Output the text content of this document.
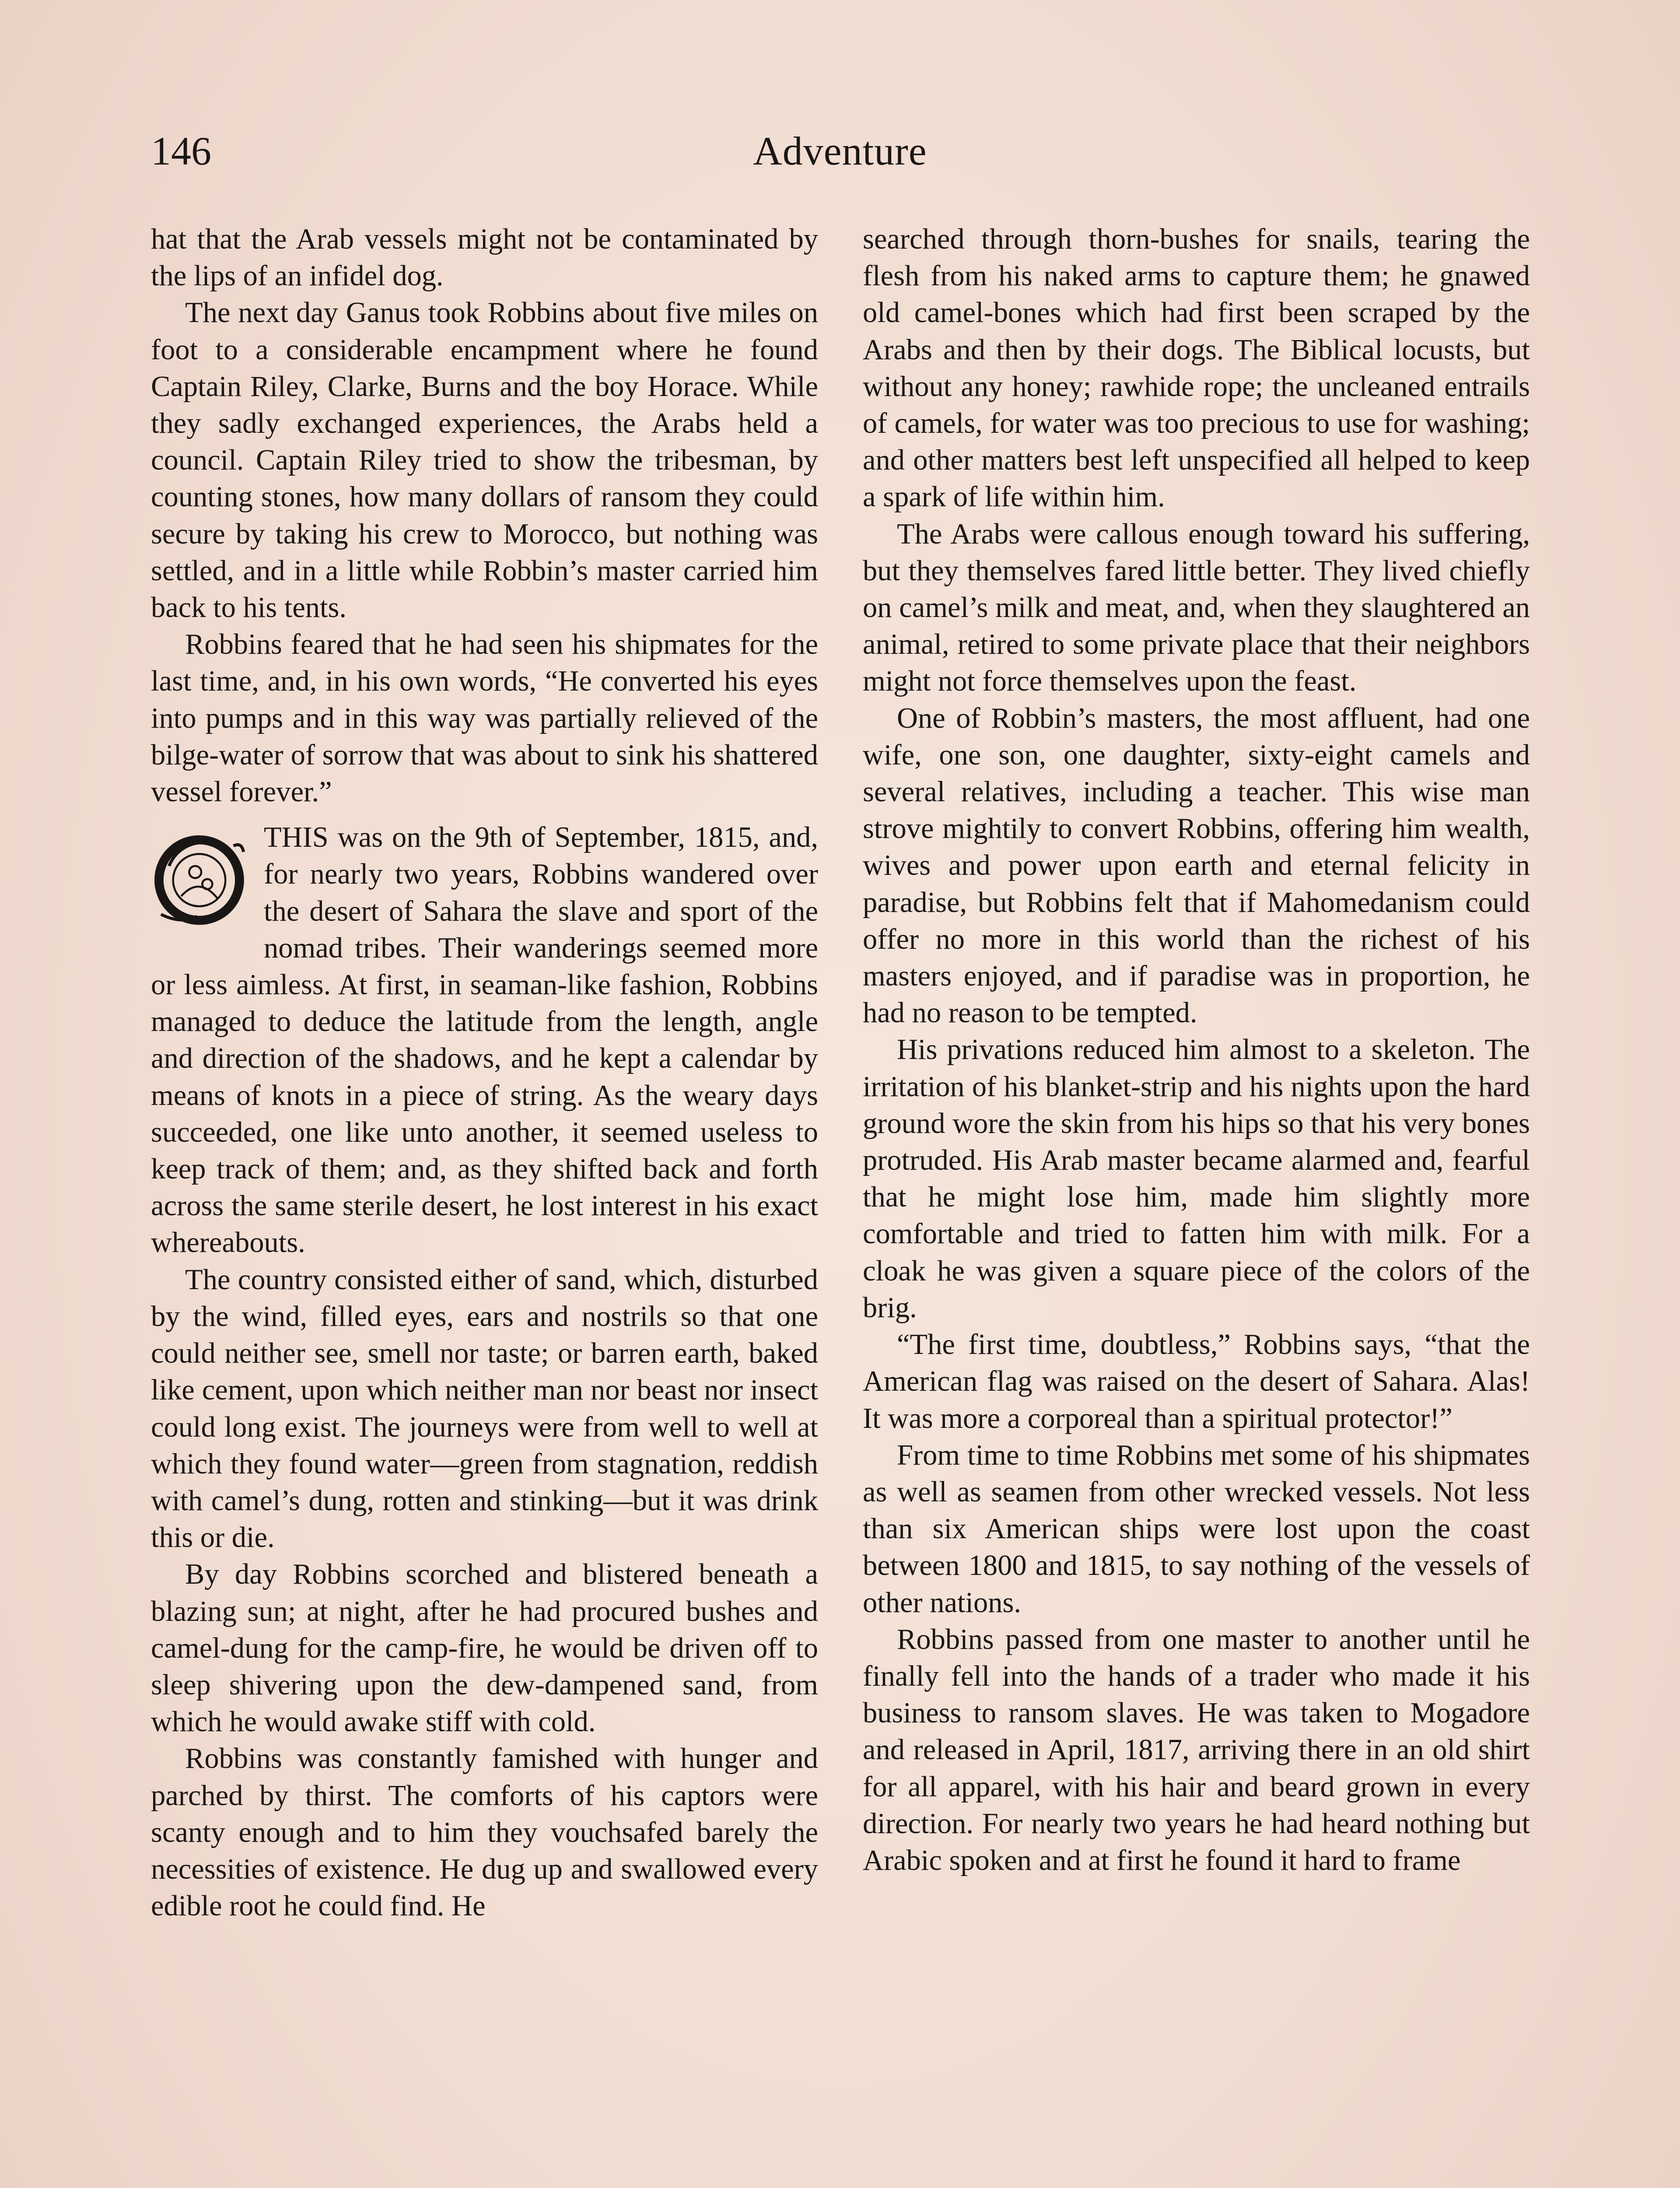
146	Adventure

hat that the Arab vessels might not be contaminated by the lips of an infidel dog.

The next day Ganus took Robbins about five miles on foot to a considerable encampment where he found Captain Riley, Clarke, Burns and the boy Horace. While they sadly exchanged experiences, the Arabs held a council. Captain Riley tried to show the tribesman, by counting stones, how many dollars of ransom they could secure by taking his crew to Morocco, but nothing was settled, and in a little while Robbin’s master carried him back to his tents.

Robbins feared that he had seen his shipmates for the last time, and, in his own words, “He converted his eyes into pumps and in this way was partially relieved of the bilge-water of sorrow that was about to sink his shattered vessel forever.”

THIS was on the 9th of September, 1815, and, for nearly two years, Robbins wandered over the desert of Sahara the slave and sport of the nomad tribes. Their wanderings seemed more or less aimless. At first, in seaman-like fashion, Robbins managed to deduce the latitude from the length, angle and direction of the shadows, and he kept a calendar by means of knots in a piece of string. As the weary days succeeded, one like unto another, it seemed useless to keep track of them; and, as they shifted back and forth across the same sterile desert, he lost interest in his exact whereabouts.

The country consisted either of sand, which, disturbed by the wind, filled eyes, ears and nostrils so that one could neither see, smell nor taste; or barren earth, baked like cement, upon which neither man nor beast nor insect could long exist. The journeys were from well to well at which they found water—green from stagnation, reddish with camel’s dung, rotten and stinking—but it was drink this or die.

By day Robbins scorched and blistered beneath a blazing sun; at night, after he had procured bushes and camel-dung for the camp-fire, he would be driven off to sleep shivering upon the dew-dampened sand, from which he would awake stiff with cold.

Robbins was constantly famished with hunger and parched by thirst. The comforts of his captors were scanty enough and to him they vouchsafed barely the necessities of existence. He dug up and swallowed every edible root he could find. He

searched through thorn-bushes for snails, tearing the flesh from his naked arms to capture them; he gnawed old camel-bones which had first been scraped by the Arabs and then by their dogs. The Biblical locusts, but without any honey; rawhide rope; the uncleaned entrails of camels, for water was too precious to use for washing; and other matters best left unspecified all helped to keep a spark of life within him.

The Arabs were callous enough toward his suffering, but they themselves fared little better. They lived chiefly on camel’s milk and meat, and, when they slaughtered an animal, retired to some private place that their neighbors might not force themselves upon the feast.

One of Robbin’s masters, the most affluent, had one wife, one son, one daughter, sixty-eight camels and several relatives, including a teacher. This wise man strove mightily to convert Robbins, offering him wealth, wives and power upon earth and eternal felicity in paradise, but Robbins felt that if Mahomedanism could offer no more in this world than the richest of his masters enjoyed, and if paradise was in proportion, he had no reason to be tempted.

His privations reduced him almost to a skeleton. The irritation of his blanket-strip and his nights upon the hard ground wore the skin from his hips so that his very bones protruded. His Arab master became alarmed and, fearful that he might lose him, made him slightly more comfortable and tried to fatten him with milk. For a cloak he was given a square piece of the colors of the brig.

“The first time, doubtless,” Robbins says, “that the American flag was raised on the desert of Sahara. Alas! It was more a corporeal than a spiritual protector!”

From time to time Robbins met some of his shipmates as well as seamen from other wrecked vessels. Not less than six American ships were lost upon the coast between 1800 and 1815, to say nothing of the vessels of other nations.

Robbins passed from one master to another until he finally fell into the hands of a trader who made it his business to ransom slaves. He was taken to Mogadore and released in April, 1817, arriving there in an old shirt for all apparel, with his hair and beard grown in every direction. For nearly two years he had heard nothing but Arabic spoken and at first he found it hard to frame
